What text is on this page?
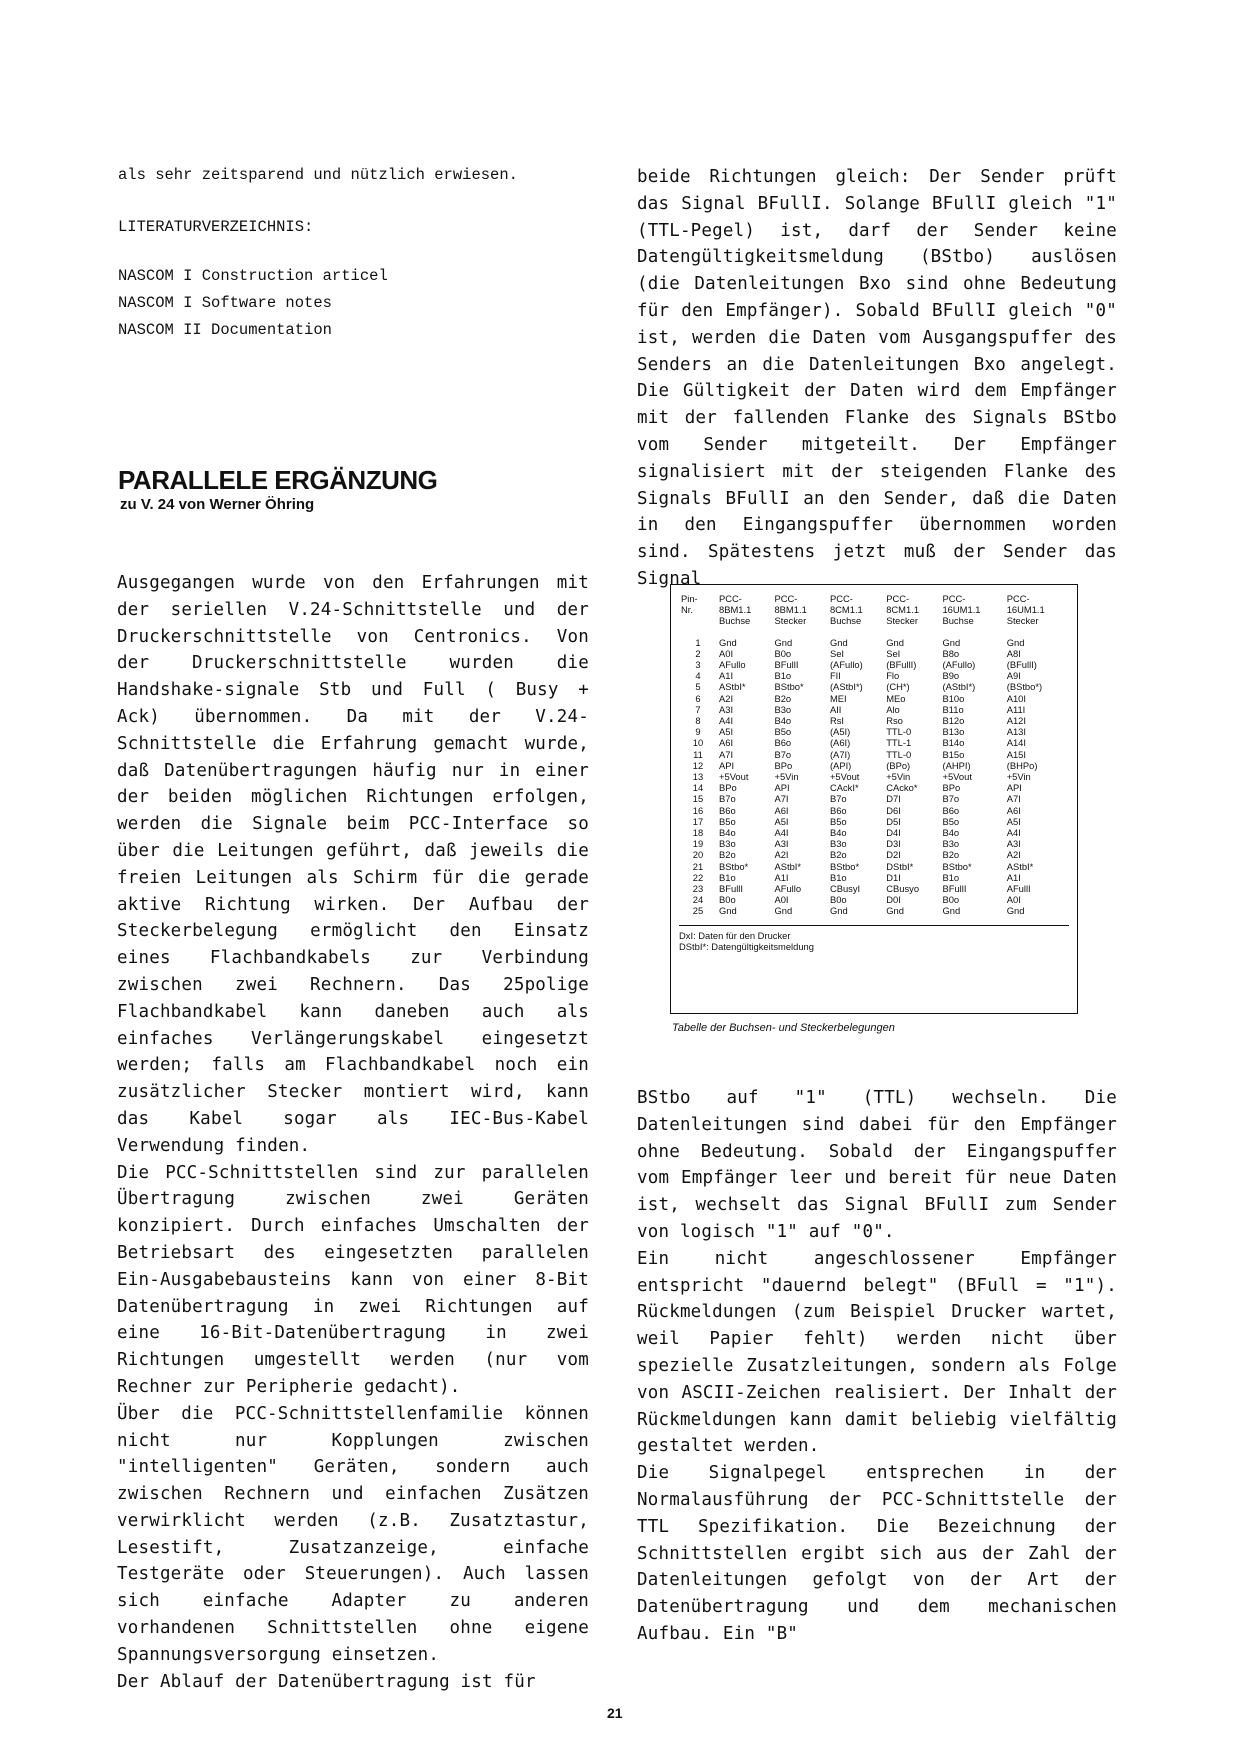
als sehr zeitsparend und nützlich erwiesen.

LITERATURVERZEICHNIS:

NASCOM I Construction articel

NASCOM I Software notes

NASCOM II Documentation

PARALLELE ERGÄNZUNG
zu V. 24 von Werner Öhring

Ausgegangen wurde von den Erfahrungen mit der seriellen V.24-Schnittstelle und der Druckerschnittstelle von Centronics. Von der Druckerschnittstelle wurden die Handshake-signale Stb und Full ( Busy + Ack) übernommen. Da mit der V.24-Schnittstelle die Erfahrung gemacht wurde, daß Datenübertragungen häufig nur in einer der beiden möglichen Richtungen erfolgen, werden die Signale beim PCC-Interface so über die Leitungen geführt, daß jeweils die freien Leitungen als Schirm für die gerade aktive Richtung wirken. Der Aufbau der Steckerbelegung ermöglicht den Einsatz eines Flachbandkabels zur Verbindung zwischen zwei Rechnern. Das 25polige Flachbandkabel kann daneben auch als einfaches Verlängerungskabel eingesetzt werden; falls am Flachbandkabel noch ein zusätzlicher Stecker montiert wird, kann das Kabel sogar als IEC-Bus-Kabel Verwendung finden.

Die PCC-Schnittstellen sind zur parallelen Übertragung zwischen zwei Geräten konzipiert. Durch einfaches Umschalten der Betriebsart des eingesetzten parallelen Ein-Ausgabebausteins kann von einer 8-Bit Datenübertragung in zwei Richtungen auf eine 16-Bit-Datenübertragung in zwei Richtungen umgestellt werden (nur vom Rechner zur Peripherie gedacht).

Über die PCC-Schnittstellenfamilie können nicht nur Kopplungen zwischen "intelligenten" Geräten, sondern auch zwischen Rechnern und einfachen Zusätzen verwirklicht werden (z.B. Zusatztastur, Lesestift, Zusatzanzeige, einfache Testgeräte oder Steuerungen). Auch lassen sich einfache Adapter zu anderen vorhandenen Schnittstellen ohne eigene Spannungsversorgung einsetzen.

Der Ablauf der Datenübertragung ist für

beide Richtungen gleich: Der Sender prüft das Signal BFullI. Solange BFullI gleich "1" (TTL-Pegel) ist, darf der Sender keine Datengültigkeitsmeldung (BStbo) auslösen (die Datenleitungen Bxo sind ohne Bedeutung für den Empfänger). Sobald BFullI gleich "0" ist, werden die Daten vom Ausgangspuffer des Senders an die Datenleitungen Bxo angelegt. Die Gültigkeit der Daten wird dem Empfänger mit der fallenden Flanke des Signals BStbo vom Sender mitgeteilt. Der Empfänger signalisiert mit der steigenden Flanke des Signals BFullI an den Sender, daß die Daten in den Eingangspuffer übernommen worden sind. Spätestens jetzt muß der Sender das Signal

Pin-
Nr.	PCC-
8BM1.1
Buchse	PCC-
8BM1.1
Stecker	PCC-
8CM1.1
Buchse	PCC-
8CM1.1
Stecker	PCC-
16UM1.1
Buchse	PCC-
16UM1.1
Stecker
1	Gnd	Gnd	Gnd	Gnd	Gnd	Gnd
2	A0I	B0o	SeI	SeI	B8o	A8I
3	AFullo	BFullI	(AFullo)	(BFullI)	(AFullo)	(BFullI)
4	A1I	B1o	FII	Flo	B9o	A9I
5	AStbI*	BStbo*	(AStbI*)	(CH*)	(AStbI*)	(BStbo*)
6	A2I	B2o	MEI	MEo	B10o	A10I
7	A3I	B3o	AII	Alo	B11o	A11I
8	A4I	B4o	RsI	Rso	B12o	A12I
9	A5I	B5o	(A5I)	TTL-0	B13o	A13I
10	A6I	B6o	(A6I)	TTL-1	B14o	A14I
11	A7I	B7o	(A7I)	TTL-0	B15o	A15I
12	API	BPo	(API)	(BPo)	(AHPI)	(BHPo)
13	+5Vout	+5Vin	+5Vout	+5Vin	+5Vout	+5Vin
14	BPo	API	CAckI*	CAcko*	BPo	API
15	B7o	A7I	B7o	D7I	B7o	A7I
16	B6o	A6I	B6o	D6I	B6o	A6I
17	B5o	A5I	B5o	D5I	B5o	A5I
18	B4o	A4I	B4o	D4I	B4o	A4I
19	B3o	A3I	B3o	D3I	B3o	A3I
20	B2o	A2I	B2o	D2I	B2o	A2I
21	BStbo*	AStbI*	BStbo*	DStbI*	BStbo*	AStbI*
22	B1o	A1I	B1o	D1I	B1o	A1I
23	BFullI	AFullo	CBusyI	CBusyo	BFullI	AFullI
24	B0o	A0I	B0o	D0I	B0o	A0I
25	Gnd	Gnd	Gnd	Gnd	Gnd	Gnd
DxI: Daten für den Drucker
DStbI*: Datengültigkeitsmeldung
Tabelle der Buchsen- und Steckerbelegungen

BStbo auf "1" (TTL) wechseln. Die Datenleitungen sind dabei für den Empfänger ohne Bedeutung. Sobald der Eingangspuffer vom Empfänger leer und bereit für neue Daten ist, wechselt das Signal BFullI zum Sender von logisch "1" auf "0".

Ein nicht angeschlossener Empfänger entspricht "dauernd belegt" (BFull = "1"). Rückmeldungen (zum Beispiel Drucker wartet, weil Papier fehlt) werden nicht über spezielle Zusatzleitungen, sondern als Folge von ASCII-Zeichen realisiert. Der Inhalt der Rückmeldungen kann damit beliebig vielfältig gestaltet werden.

Die Signalpegel entsprechen in der Normalausführung der PCC-Schnittstelle der TTL Spezifikation. Die Bezeichnung der Schnittstellen ergibt sich aus der Zahl der Datenleitungen gefolgt von der Art der Datenübertragung und dem mechanischen Aufbau. Ein "B"

21
